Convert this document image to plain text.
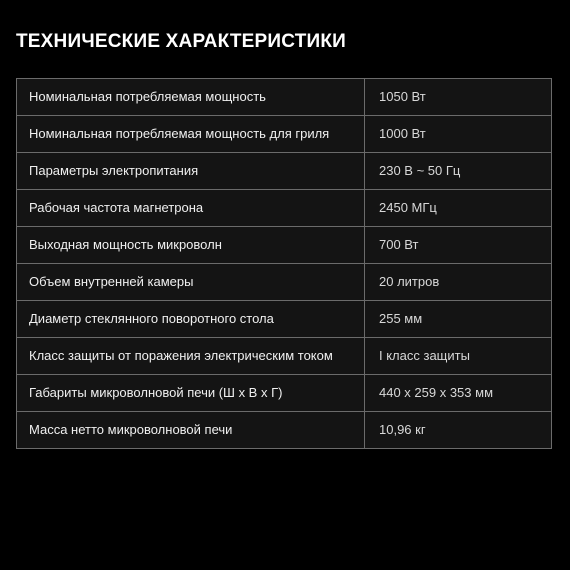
ТЕХНИЧЕСКИЕ ХАРАКТЕРИСТИКИ
Номинальная потребляемая мощность	1050 Вт
Номинальная потребляемая мощность для гриля	1000 Вт
Параметры электропитания	230 В ~ 50 Гц
Рабочая частота магнетрона	2450 МГц
Выходная мощность микроволн	700 Вт
Объем внутренней камеры	20 литров
Диаметр стеклянного поворотного стола	255 мм
Класс защиты от поражения электрическим током	I класс защиты
Габариты микроволновой печи (Ш x В x Г)	440 x 259 x 353 мм
Масса нетто микроволновой печи	10,96 кг
